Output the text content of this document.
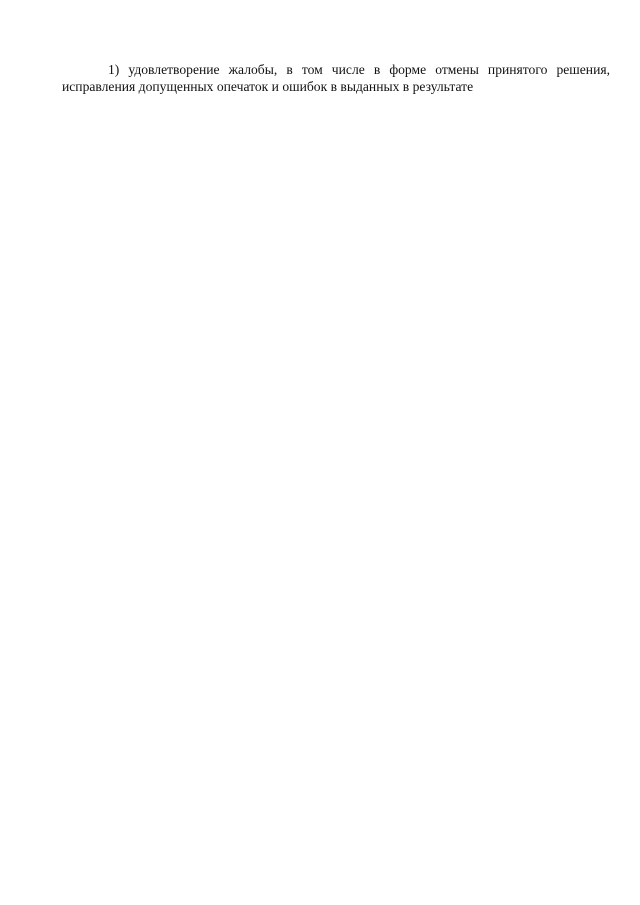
1) удовлетворение жалобы, в том числе в форме отмены принятого решения, исправления допущенных опечаток и ошибок в выданных в результате
